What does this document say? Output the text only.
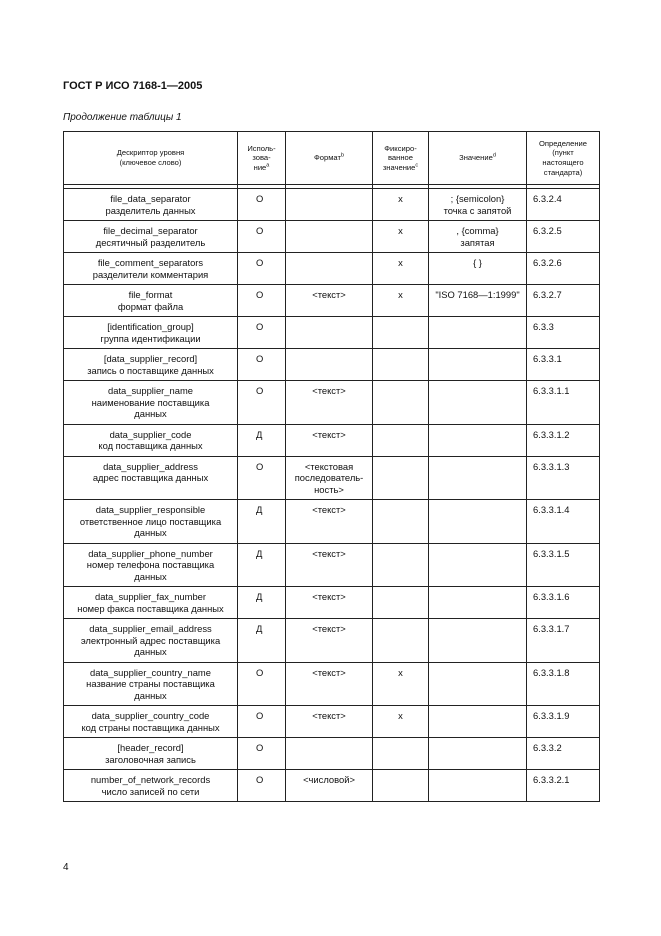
ГОСТ Р ИСО 7168-1—2005

Продолжение таблицы 1

Дескриптор уровня
(ключевое слово)	Исполь-
зова-
ние$^a$	Формат$^b$	Фиксиро-
ванное
значение$^c$	Значение$^d$	Определение
(пункт
настоящего
стандарта)

file_data_separator
разделитель данных	О		x	; {semicolon}
точка с запятой	6.3.2.4

file_decimal_separator
десятичный разделитель	О		x	, {comma}
запятая	6.3.2.5

file_comment_separators
разделители комментария	О		x	{ }	6.3.2.6

file_format
формат файла	О	<текст>	x	"ISO 7168—1:1999"	6.3.2.7

[identification_group]
группа идентификации	О				6.3.3

[data_supplier_record]
запись о поставщике данных	О				6.3.3.1

data_supplier_name
наименование поставщика
данных	О	<текст>			6.3.3.1.1

data_supplier_code
код поставщика данных	Д	<текст>			6.3.3.1.2

data_supplier_address
адрес поставщика данных	О	<текстовая
последователь-
ность>			6.3.3.1.3

data_supplier_responsible
ответственное лицо поставщика
данных	Д	<текст>			6.3.3.1.4

data_supplier_phone_number
номер телефона поставщика
данных	Д	<текст>			6.3.3.1.5

data_supplier_fax_number
номер факса поставщика данных	Д	<текст>			6.3.3.1.6

data_supplier_email_address
электронный адрес поставщика
данных	Д	<текст>			6.3.3.1.7

data_supplier_country_name
название страны поставщика
данных	О	<текст>	x		6.3.3.1.8

data_supplier_country_code
код страны поставщика данных	О	<текст>	x		6.3.3.1.9

[header_record]
заголовочная запись	О				6.3.3.2

number_of_network_records
число записей по сети	О	<числовой>			6.3.3.2.1

4
